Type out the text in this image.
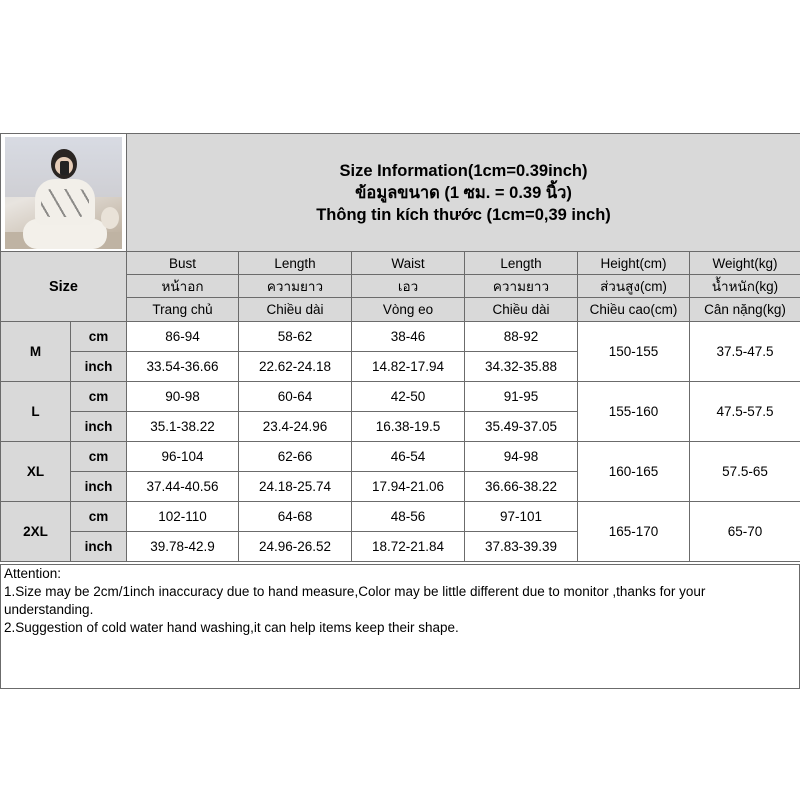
		Size Information(1cm=0.39inch)
ข้อมูลขนาด (1 ซม. = 0.39 นิ้ว)
Thông tin kích thước (1cm=0,39 inch)					

Size		Bust	Length	Waist	Length	Height(cm)	Weight(kg)
		หน้าอก	ความยาว	เอว	ความยาว	ส่วนสูง(cm)	น้ำหนัก(kg)
		Trang chủ	Chiều dài	Vòng eo	Chiều dài	Chiều cao(cm)	Cân nặng(kg)
M	cm	86-94	58-62	38-46	88-92	150-155	37.5-47.5
	inch	33.54-36.66	22.62-24.18	14.82-17.94	34.32-35.88		
L	cm	90-98	60-64	42-50	91-95	155-160	47.5-57.5
	inch	35.1-38.22	23.4-24.96	16.38-19.5	35.49-37.05		
XL	cm	96-104	62-66	46-54	94-98	160-165	57.5-65
	inch	37.44-40.56	24.18-25.74	17.94-21.06	36.66-38.22		
2XL	cm	102-110	64-68	48-56	97-101	165-170	65-70
	inch	39.78-42.9	24.96-26.52	18.72-21.84	37.83-39.39		
Attention:
1.Size may be 2cm/1inch inaccuracy due to hand measure,Color may be little different due to monitor ,thanks for your
understanding.
2.Suggestion of cold water hand washing,it can help items keep their shape.
